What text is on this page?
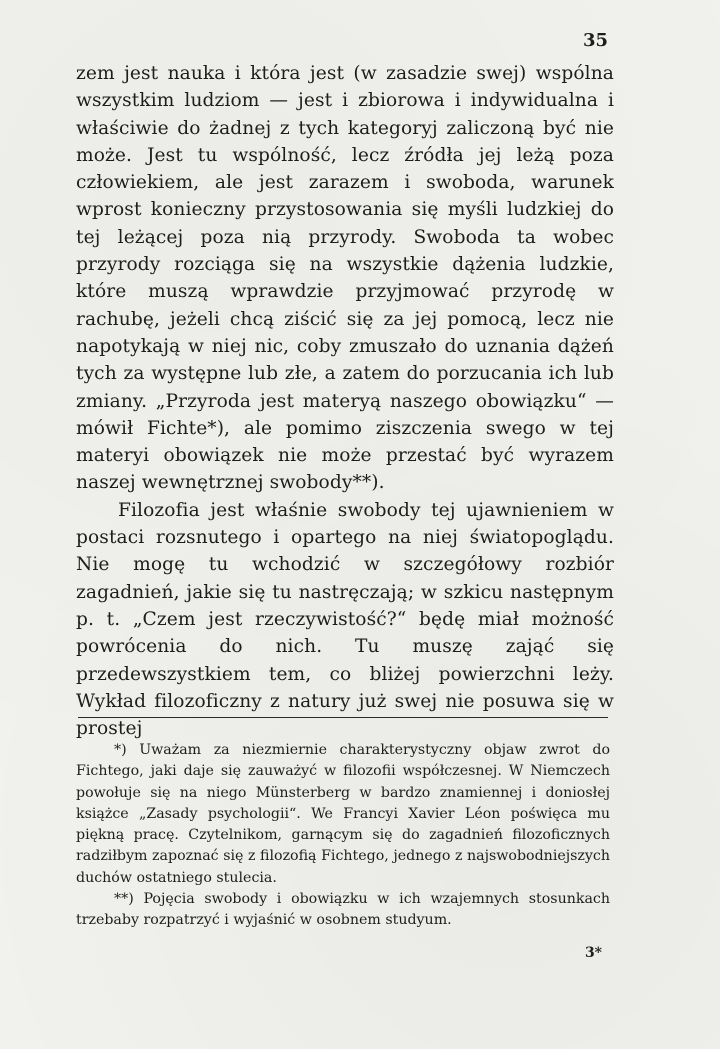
35

zem jest nauka i która jest (w zasadzie swej) wspólna wszystkim ludziom — jest i zbiorowa i indywidualna i właściwie do żadnej z tych kategoryj zaliczoną być nie może. Jest tu wspólność, lecz źródła jej leżą poza człowiekiem, ale jest zarazem i swoboda, warunek wprost konieczny przystosowania się myśli ludzkiej do tej leżącej poza nią przyrody. Swoboda ta wobec przyrody rozciąga się na wszystkie dążenia ludzkie, które muszą wprawdzie przyjmować przyrodę w rachubę, jeżeli chcą ziścić się za jej pomocą, lecz nie napotykają w niej nic, coby zmuszało do uznania dążeń tych za występne lub złe, a zatem do porzucania ich lub zmiany. „Przyroda jest materyą naszego obowiązku“ — mówił Fichte*), ale pomimo ziszczenia swego w tej materyi obowiązek nie może przestać być wyrazem naszej wewnętrznej swobody**).

Filozofia jest właśnie swobody tej ujawnieniem w postaci rozsnutego i opartego na niej światopoglądu. Nie mogę tu wchodzić w szczegółowy rozbiór zagadnień, jakie się tu nastręczają; w szkicu następnym p. t. „Czem jest rzeczywistość?“ będę miał możność powrócenia do nich. Tu muszę zająć się przedewszystkiem tem, co bliżej powierzchni leży. Wykład filozoficzny z natury już swej nie posuwa się w prostej

*) Uważam za niezmiernie charakterystyczny objaw zwrot do Fichtego, jaki daje się zauważyć w filozofii współczesnej. W Niemczech powołuje się na niego Münsterberg w bardzo znamiennej i doniosłej książce „Zasady psychologii“. We Francyi Xavier Léon poświęca mu piękną pracę. Czytelnikom, garnącym się do zagadnień filozoficznych radziłbym zapoznać się z filozofią Fichtego, jednego z najswobodniejszych duchów ostatniego stulecia.

**) Pojęcia swobody i obowiązku w ich wzajemnych stosunkach trzebaby rozpatrzyć i wyjaśnić w osobnem studyum.

3*
